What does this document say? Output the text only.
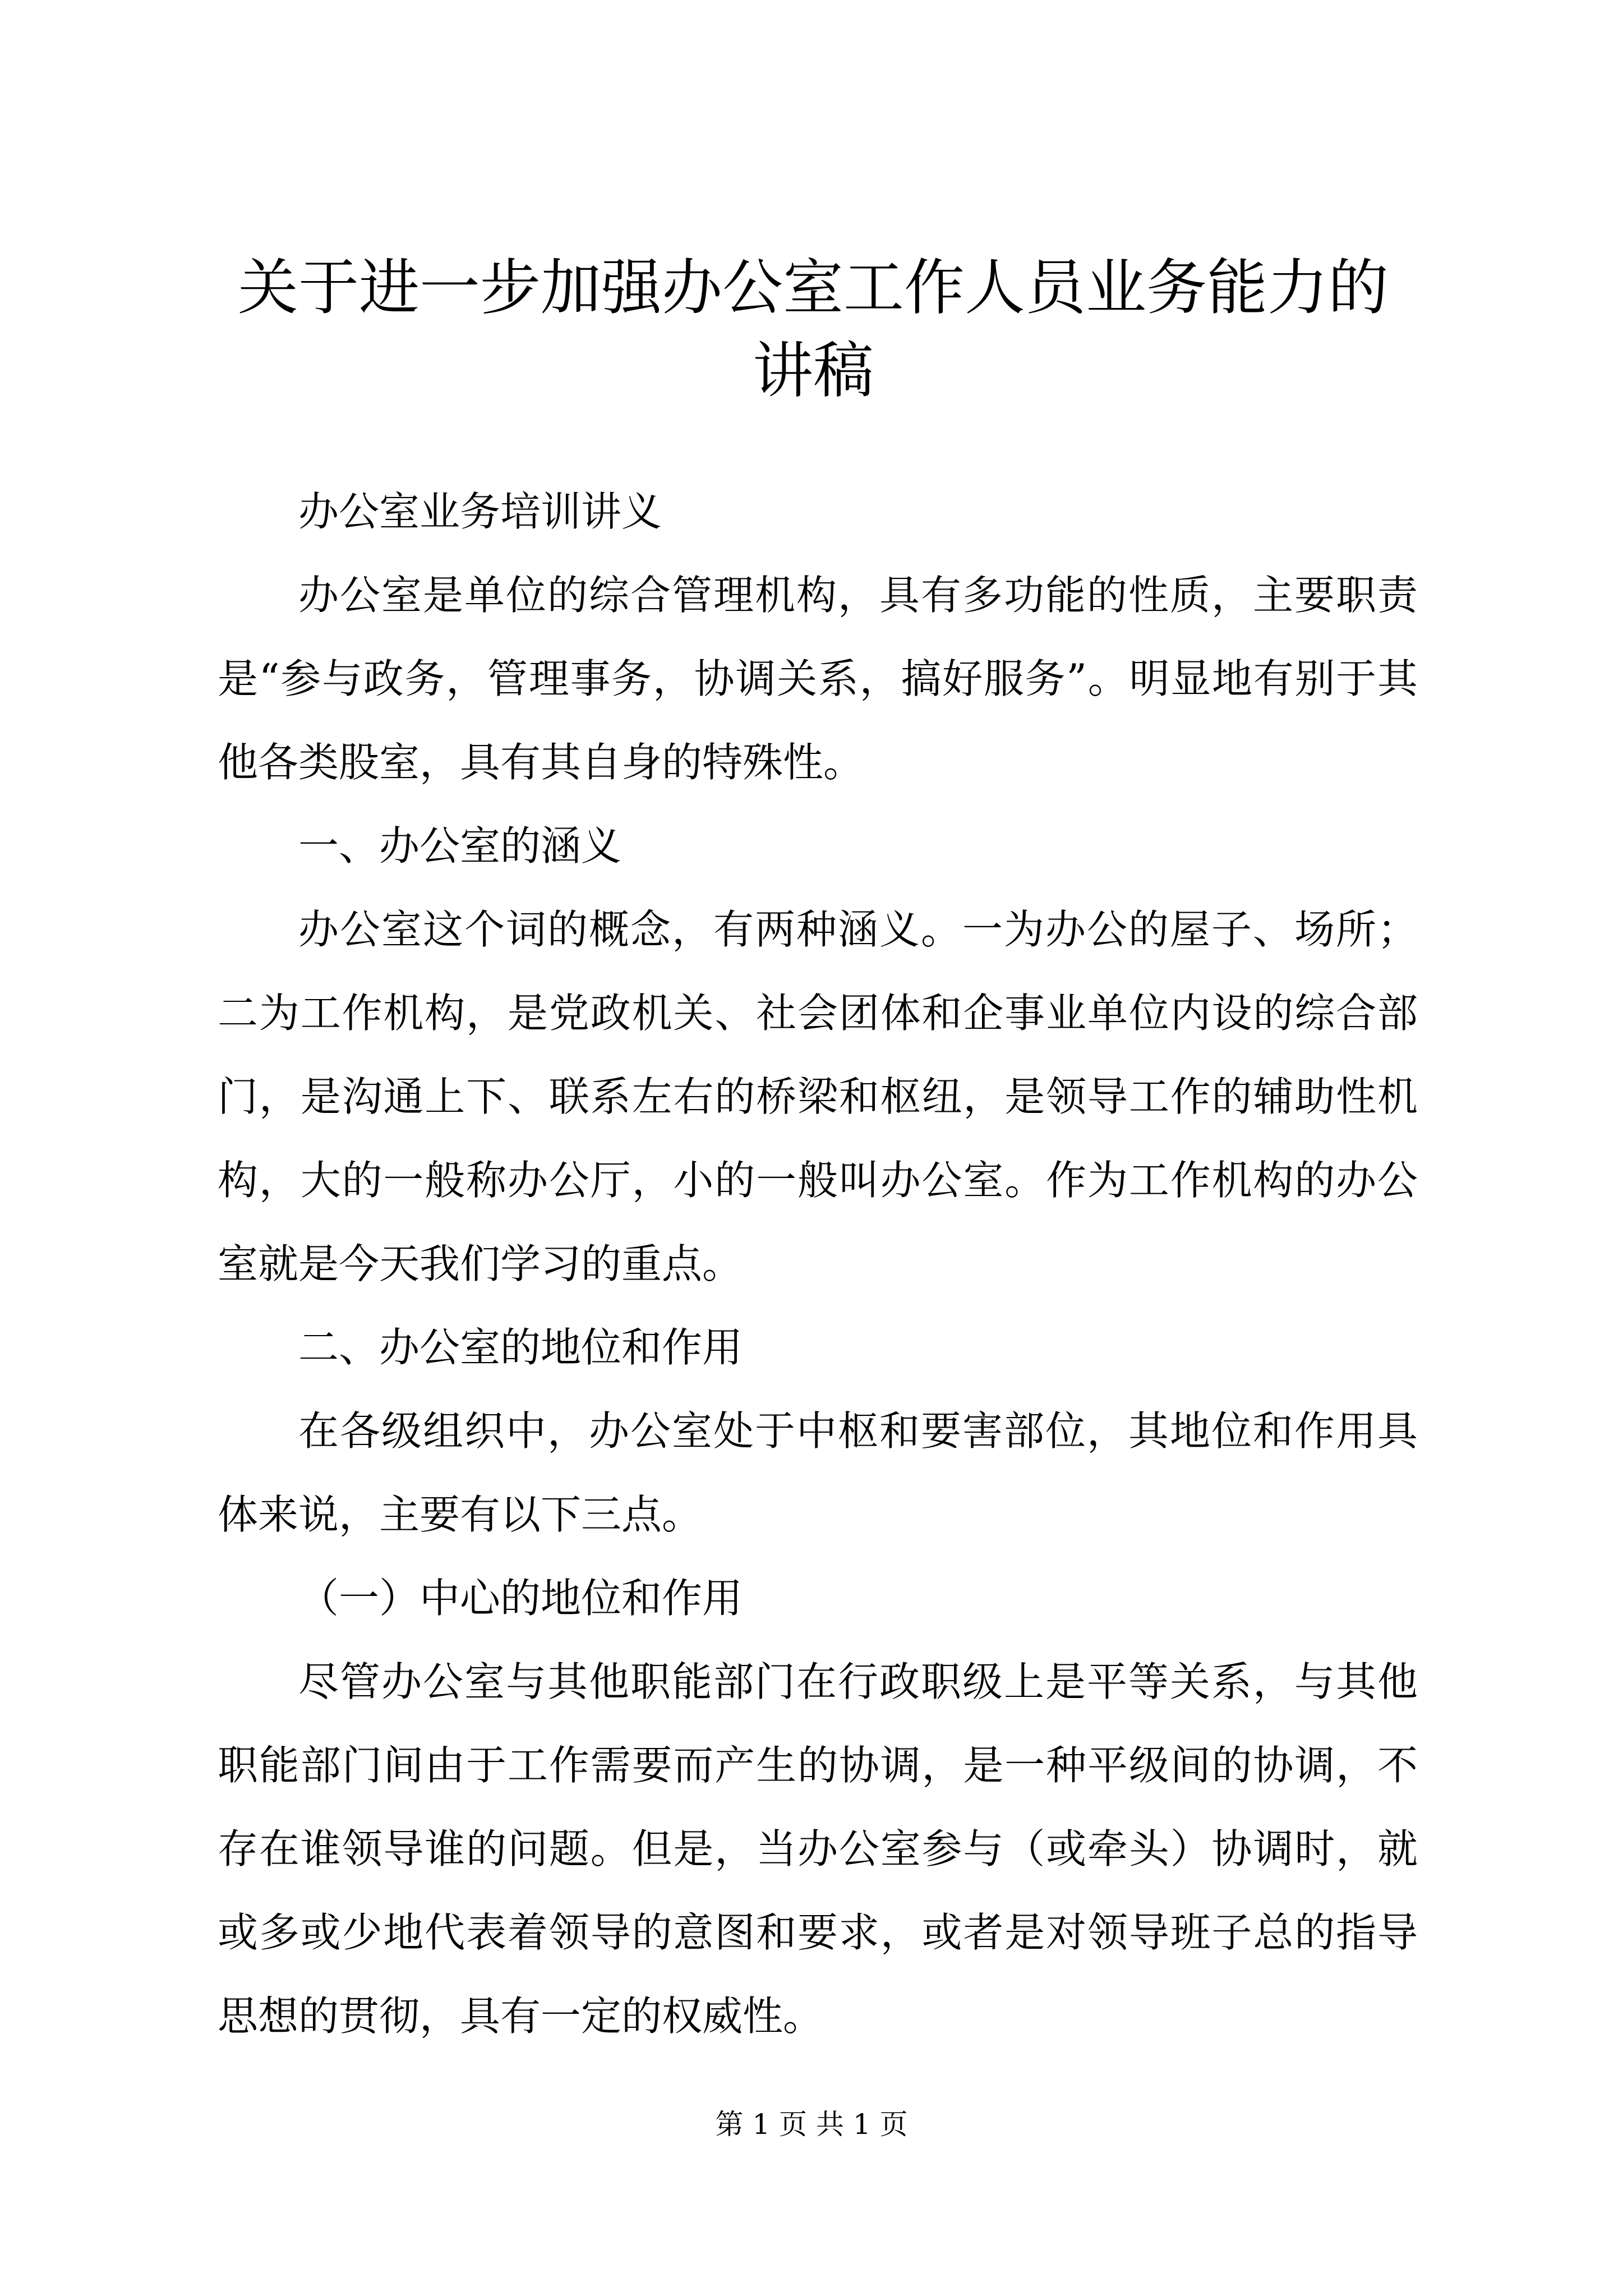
关于进一步加强办公室工作人员业务能力的讲稿

办公室业务培训讲义

办公室是单位的综合管理机构，具有多功能的性质，主要职责是“参与政务，管理事务，协调关系，搞好服务”。明显地有别于其他各类股室，具有其自身的特殊性。

一、办公室的涵义

办公室这个词的概念，有两种涵义。一为办公的屋子、场所；二为工作机构，是党政机关、社会团体和企事业单位内设的综合部门，是沟通上下、联系左右的桥梁和枢纽，是领导工作的辅助性机构，大的一般称办公厅，小的一般叫办公室。作为工作机构的办公室就是今天我们学习的重点。

二、办公室的地位和作用

在各级组织中，办公室处于中枢和要害部位，其地位和作用具体来说，主要有以下三点。

（一）中心的地位和作用

尽管办公室与其他职能部门在行政职级上是平等关系，与其他职能部门间由于工作需要而产生的协调，是一种平级间的协调，不存在谁领导谁的问题。但是，当办公室参与（或牵头）协调时，就或多或少地代表着领导的意图和要求，或者是对领导班子总的指导思想的贯彻，具有一定的权威性。

第 1 页 共 1 页
